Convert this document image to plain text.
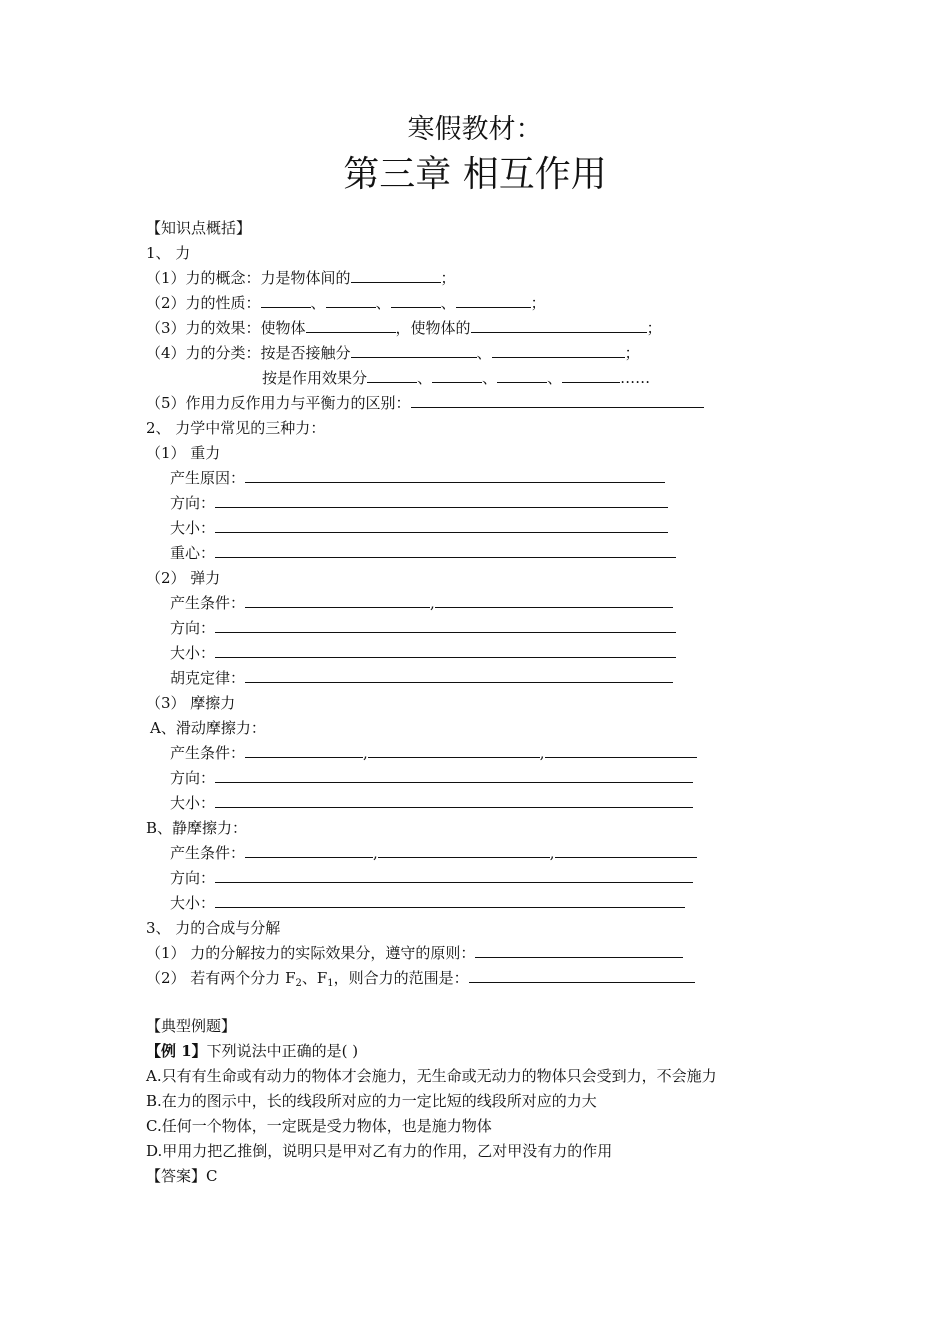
寒假教材：
第三章 相互作用
【知识点概括】
1、 力
（1）力的概念：力是物体间的	；
（2）力的性质：	、	、	、	；
（3）力的效果：使物体	，使物体的	；
（4）力的分类：按是否接触分	、	；
按是作用效果分	、	、	、	……
（5）作用力反作用力与平衡力的区别：
2、 力学中常见的三种力：
（1） 重力
产生原因：
方向：
大小：
重心：
（2） 弹力
产生条件：	,
方向：
大小：
胡克定律：
（3） 摩擦力
A、滑动摩擦力：
产生条件：	,	,
方向：
大小：
B、静摩擦力：
产生条件：	,	,
方向：
大小：
3、 力的合成与分解
（1） 力的分解按力的实际效果分，遵守的原则：
（2） 若有两个分力 $F_2$、$F_1$，则合力的范围是：
【典型例题】
【例 1】下列说法中正确的是( )
A.只有有生命或有动力的物体才会施力，无生命或无动力的物体只会受到力，不会施力
B.在力的图示中，长的线段所对应的力一定比短的线段所对应的力大
C.任何一个物体，一定既是受力物体，也是施力物体
D.甲用力把乙推倒，说明只是甲对乙有力的作用，乙对甲没有力的作用
【答案】C
